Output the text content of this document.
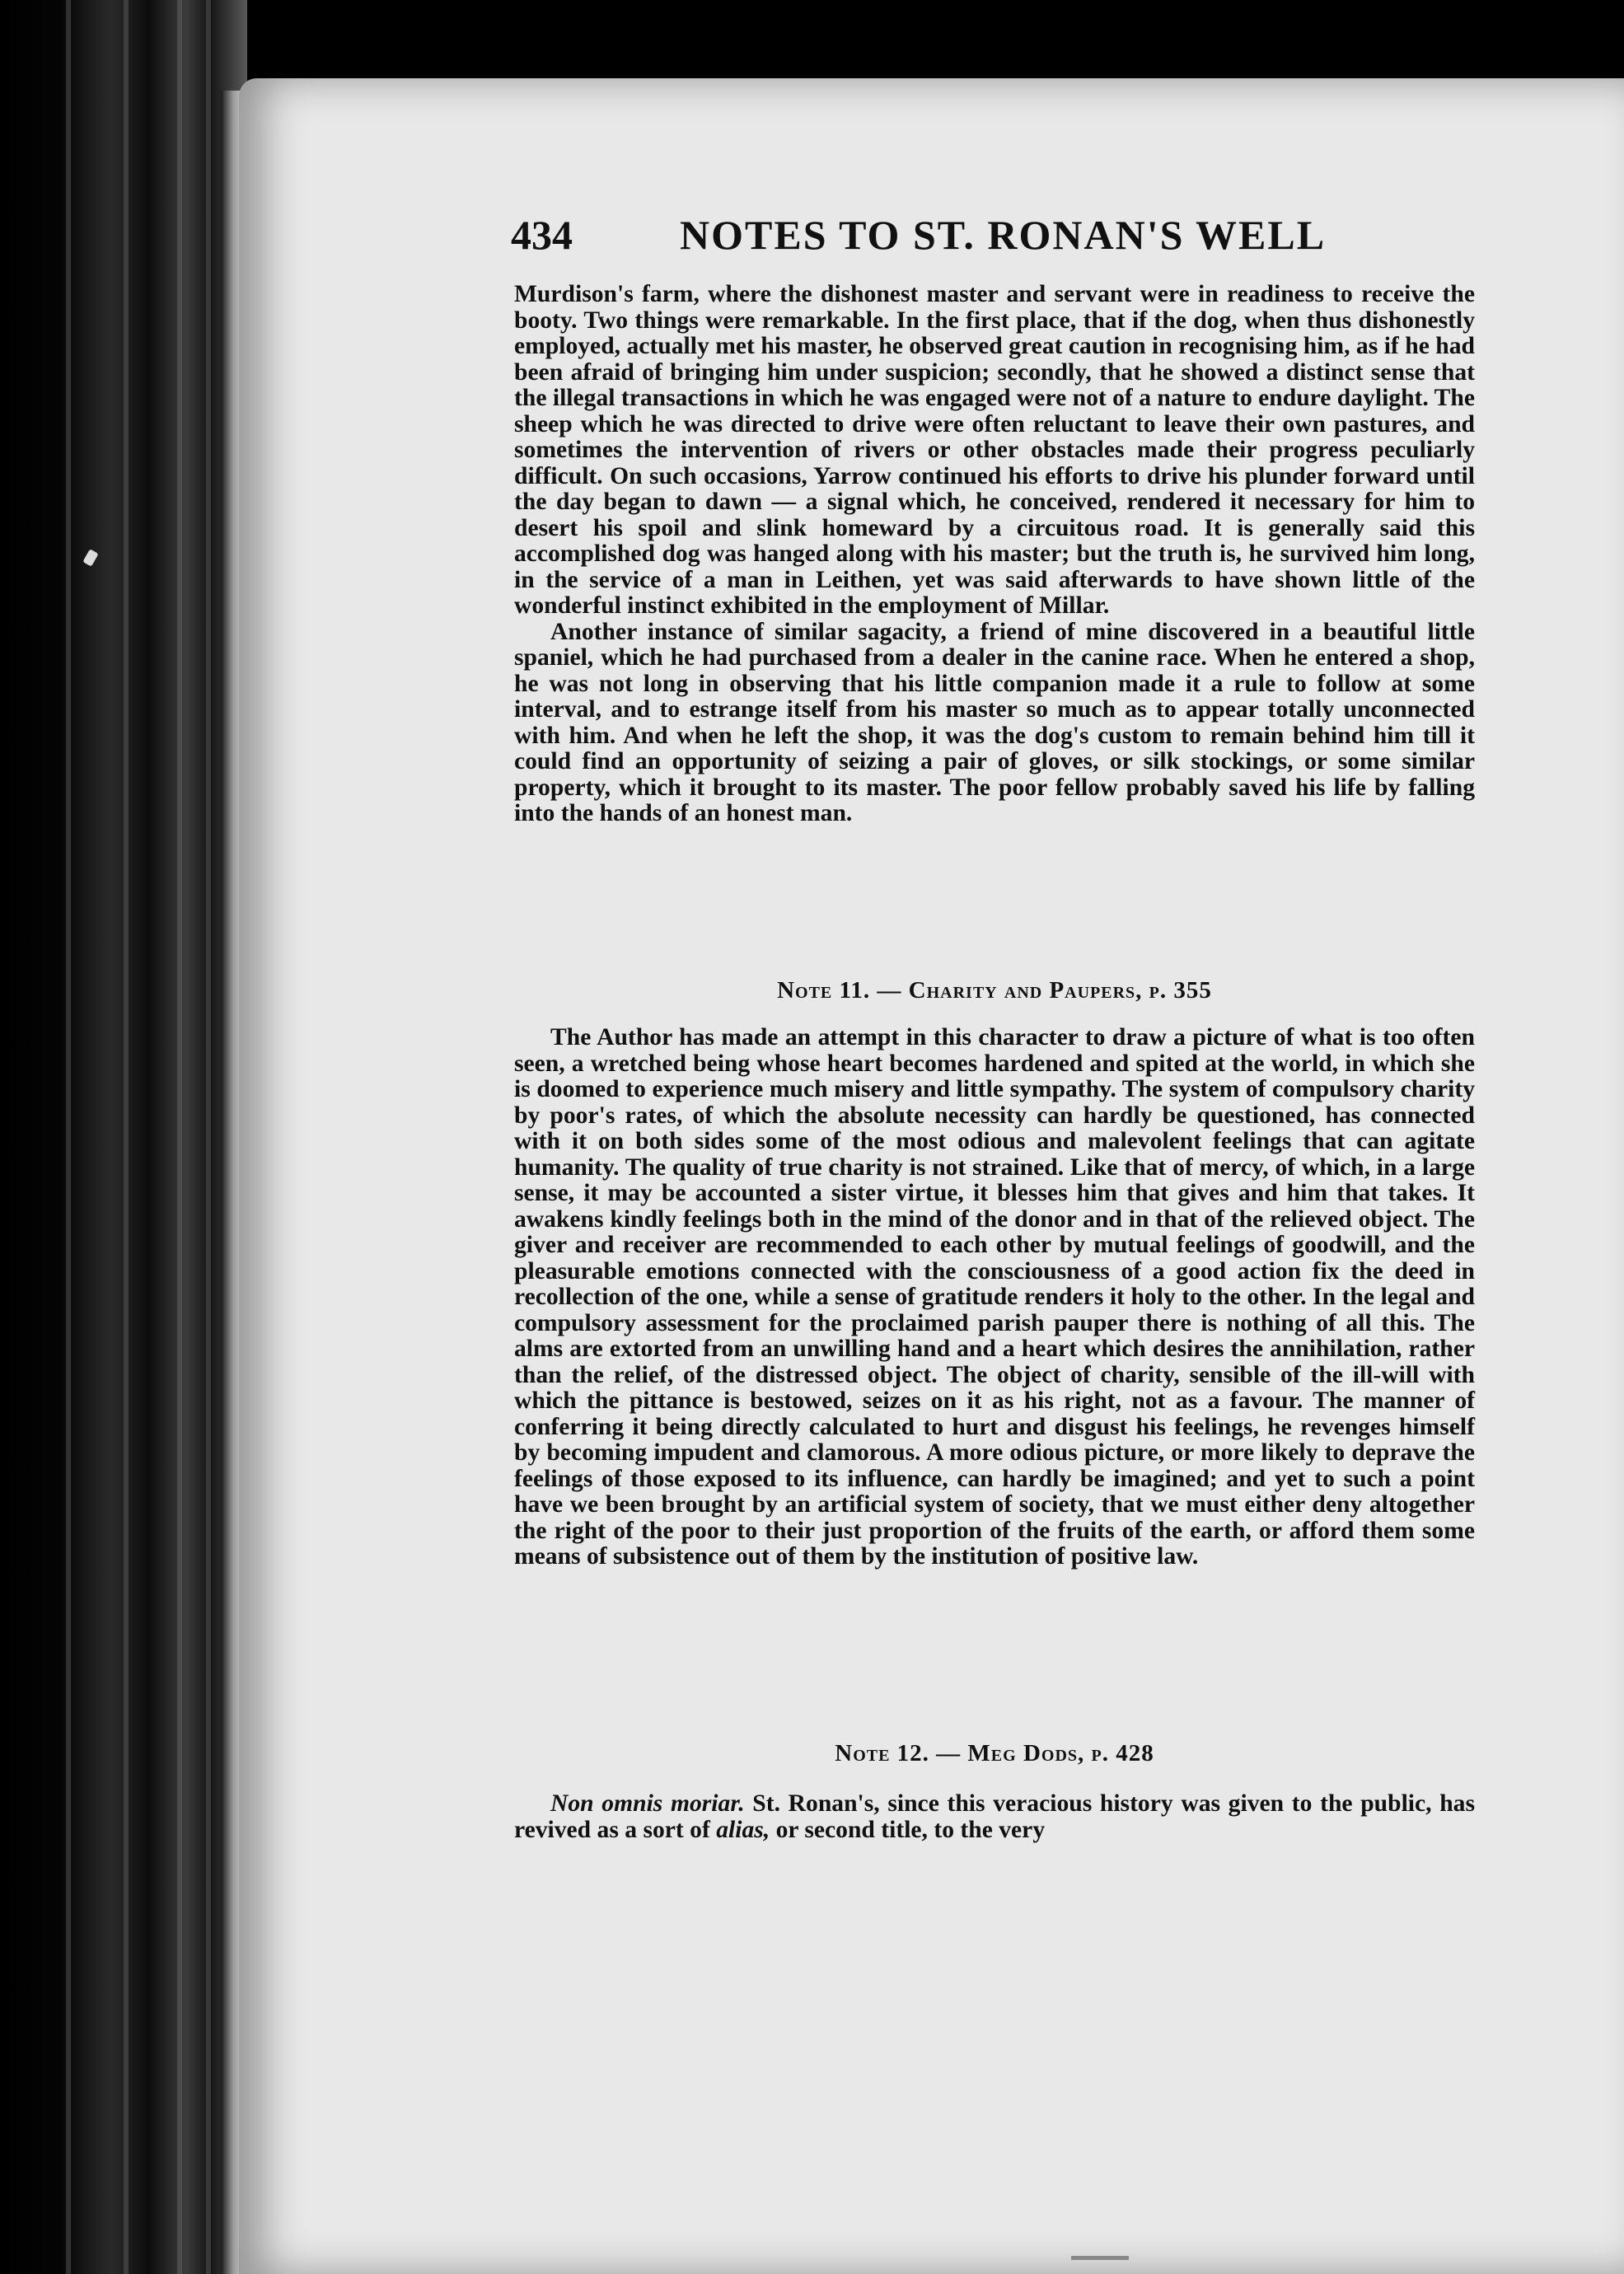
434	NOTES TO ST. RONAN'S WELL

Murdison's farm, where the dishonest master and servant were in readiness to receive the booty. Two things were remarkable. In the first place, that if the dog, when thus dishonestly employed, actually met his master, he observed great caution in recognising him, as if he had been afraid of bringing him under suspicion; secondly, that he showed a distinct sense that the illegal transactions in which he was engaged were not of a nature to endure daylight. The sheep which he was directed to drive were often reluctant to leave their own pastures, and sometimes the intervention of rivers or other obstacles made their progress peculiarly difficult. On such occasions, Yarrow continued his efforts to drive his plunder forward until the day began to dawn — a signal which, he conceived, rendered it necessary for him to desert his spoil and slink homeward by a circuitous road. It is generally said this accomplished dog was hanged along with his master; but the truth is, he survived him long, in the service of a man in Leithen, yet was said afterwards to have shown little of the wonderful instinct exhibited in the employment of Millar.

Another instance of similar sagacity, a friend of mine discovered in a beautiful little spaniel, which he had purchased from a dealer in the canine race. When he entered a shop, he was not long in observing that his little companion made it a rule to follow at some interval, and to estrange itself from his master so much as to appear totally unconnected with him. And when he left the shop, it was the dog's custom to remain behind him till it could find an opportunity of seizing a pair of gloves, or silk stockings, or some similar property, which it brought to its master. The poor fellow probably saved his life by falling into the hands of an honest man.

Note 11. — Charity and Paupers, p. 355

The Author has made an attempt in this character to draw a picture of what is too often seen, a wretched being whose heart becomes hardened and spited at the world, in which she is doomed to experience much misery and little sympathy. The system of compulsory charity by poor's rates, of which the absolute necessity can hardly be questioned, has connected with it on both sides some of the most odious and malevolent feelings that can agitate humanity. The quality of true charity is not strained. Like that of mercy, of which, in a large sense, it may be accounted a sister virtue, it blesses him that gives and him that takes. It awakens kindly feelings both in the mind of the donor and in that of the relieved object. The giver and receiver are recommended to each other by mutual feelings of goodwill, and the pleasurable emotions connected with the consciousness of a good action fix the deed in recollection of the one, while a sense of gratitude renders it holy to the other. In the legal and compulsory assessment for the proclaimed parish pauper there is nothing of all this. The alms are extorted from an unwilling hand and a heart which desires the annihilation, rather than the relief, of the distressed object. The object of charity, sensible of the ill-will with which the pittance is bestowed, seizes on it as his right, not as a favour. The manner of conferring it being directly calculated to hurt and disgust his feelings, he revenges himself by becoming impudent and clamorous. A more odious picture, or more likely to deprave the feelings of those exposed to its influence, can hardly be imagined; and yet to such a point have we been brought by an artificial system of society, that we must either deny altogether the right of the poor to their just proportion of the fruits of the earth, or afford them some means of subsistence out of them by the institution of positive law.

Note 12. — Meg Dods, p. 428

Non omnis moriar. St. Ronan's, since this veracious history was given to the public, has revived as a sort of alias, or second title, to the very
